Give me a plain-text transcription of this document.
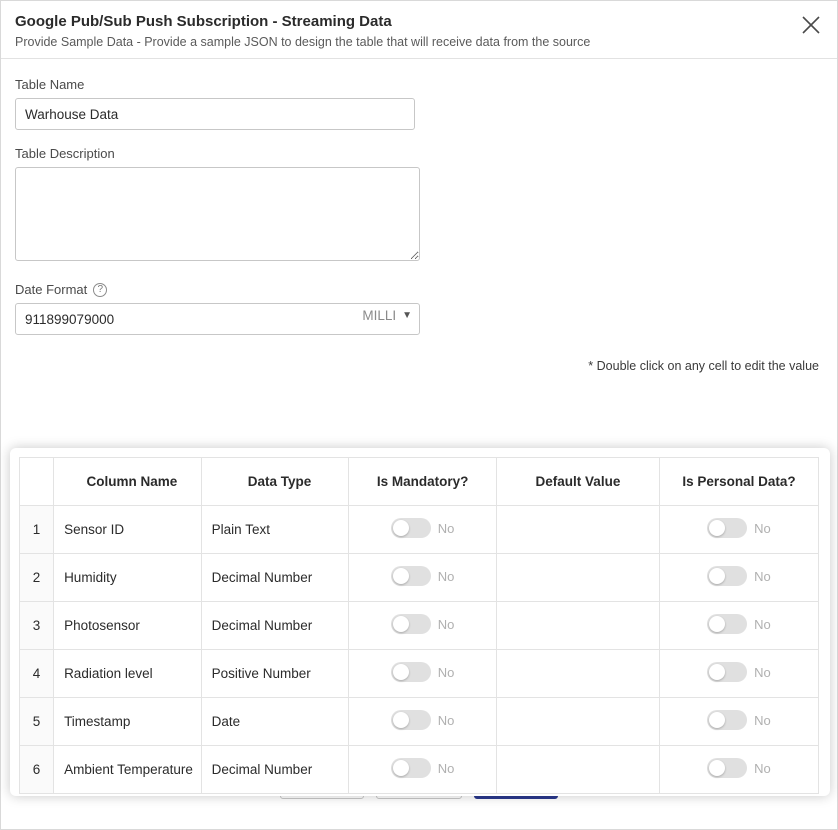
Google Pub/Sub Push Subscription - Streaming Data
Provide Sample Data - Provide a sample JSON to design the table that will receive data from the source
Table Name
Warhouse Data
Table Description
Date Format	?
911899079000
MILLI ▼
* Double click on any cell to edit the value
	Column Name	Data Type	Is Mandatory?	Default Value	Is Personal Data?
1	Sensor ID	Plain Text	No		No

2	Humidity	Decimal Number	No		No

3	Photosensor	Decimal Number	No		No

4	Radiation level	Positive Number	No		No

5	Timestamp	Date	No		No

6	Ambient Temperature	Decimal Number	No		No
